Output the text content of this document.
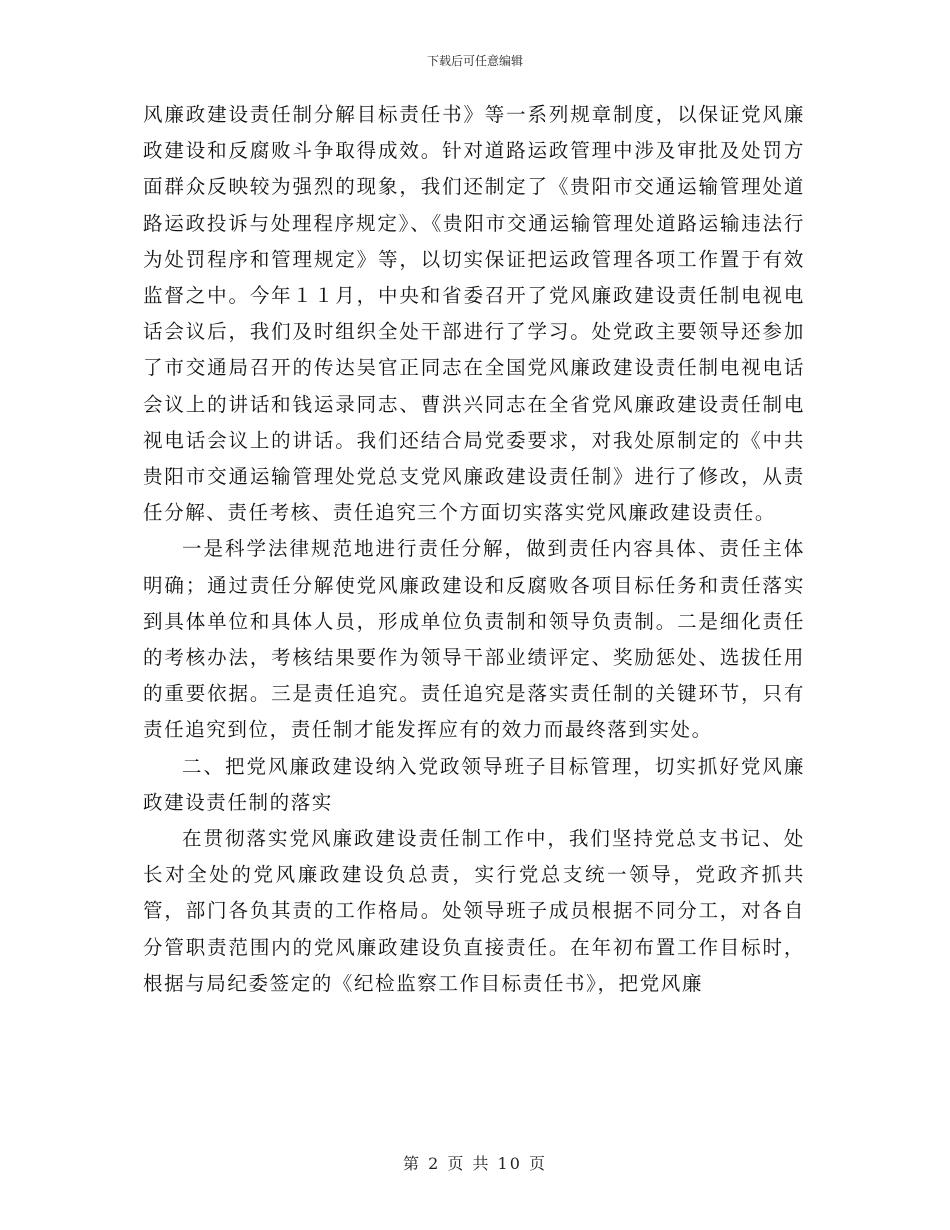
下载后可任意编辑

风廉政建设责任制分解目标责任书》等一系列规章制度，以保证党风廉政建设和反腐败斗争取得成效。针对道路运政管理中涉及审批及处罚方面群众反映较为强烈的现象，我们还制定了《贵阳市交通运输管理处道路运政投诉与处理程序规定》、《贵阳市交通运输管理处道路运输违法行为处罚程序和管理规定》等，以切实保证把运政管理各项工作置于有效监督之中。今年１１月，中央和省委召开了党风廉政建设责任制电视电话会议后，我们及时组织全处干部进行了学习。处党政主要领导还参加了市交通局召开的传达吴官正同志在全国党风廉政建设责任制电视电话会议上的讲话和钱运录同志、曹洪兴同志在全省党风廉政建设责任制电视电话会议上的讲话。我们还结合局党委要求，对我处原制定的《中共贵阳市交通运输管理处党总支党风廉政建设责任制》进行了修改，从责任分解、责任考核、责任追究三个方面切实落实党风廉政建设责任。

一是科学法律规范地进行责任分解，做到责任内容具体、责任主体明确；通过责任分解使党风廉政建设和反腐败各项目标任务和责任落实到具体单位和具体人员，形成单位负责制和领导负责制。二是细化责任的考核办法，考核结果要作为领导干部业绩评定、奖励惩处、选拔任用的重要依据。三是责任追究。责任追究是落实责任制的关键环节，只有责任追究到位，责任制才能发挥应有的效力而最终落到实处。

二、把党风廉政建设纳入党政领导班子目标管理，切实抓好党风廉政建设责任制的落实

在贯彻落实党风廉政建设责任制工作中，我们坚持党总支书记、处长对全处的党风廉政建设负总责，实行党总支统一领导，党政齐抓共管，部门各负其责的工作格局。处领导班子成员根据不同分工，对各自分管职责范围内的党风廉政建设负直接责任。在年初布置工作目标时，根据与局纪委签定的《纪检监察工作目标责任书》，把党风廉

第 2 页 共 10 页
